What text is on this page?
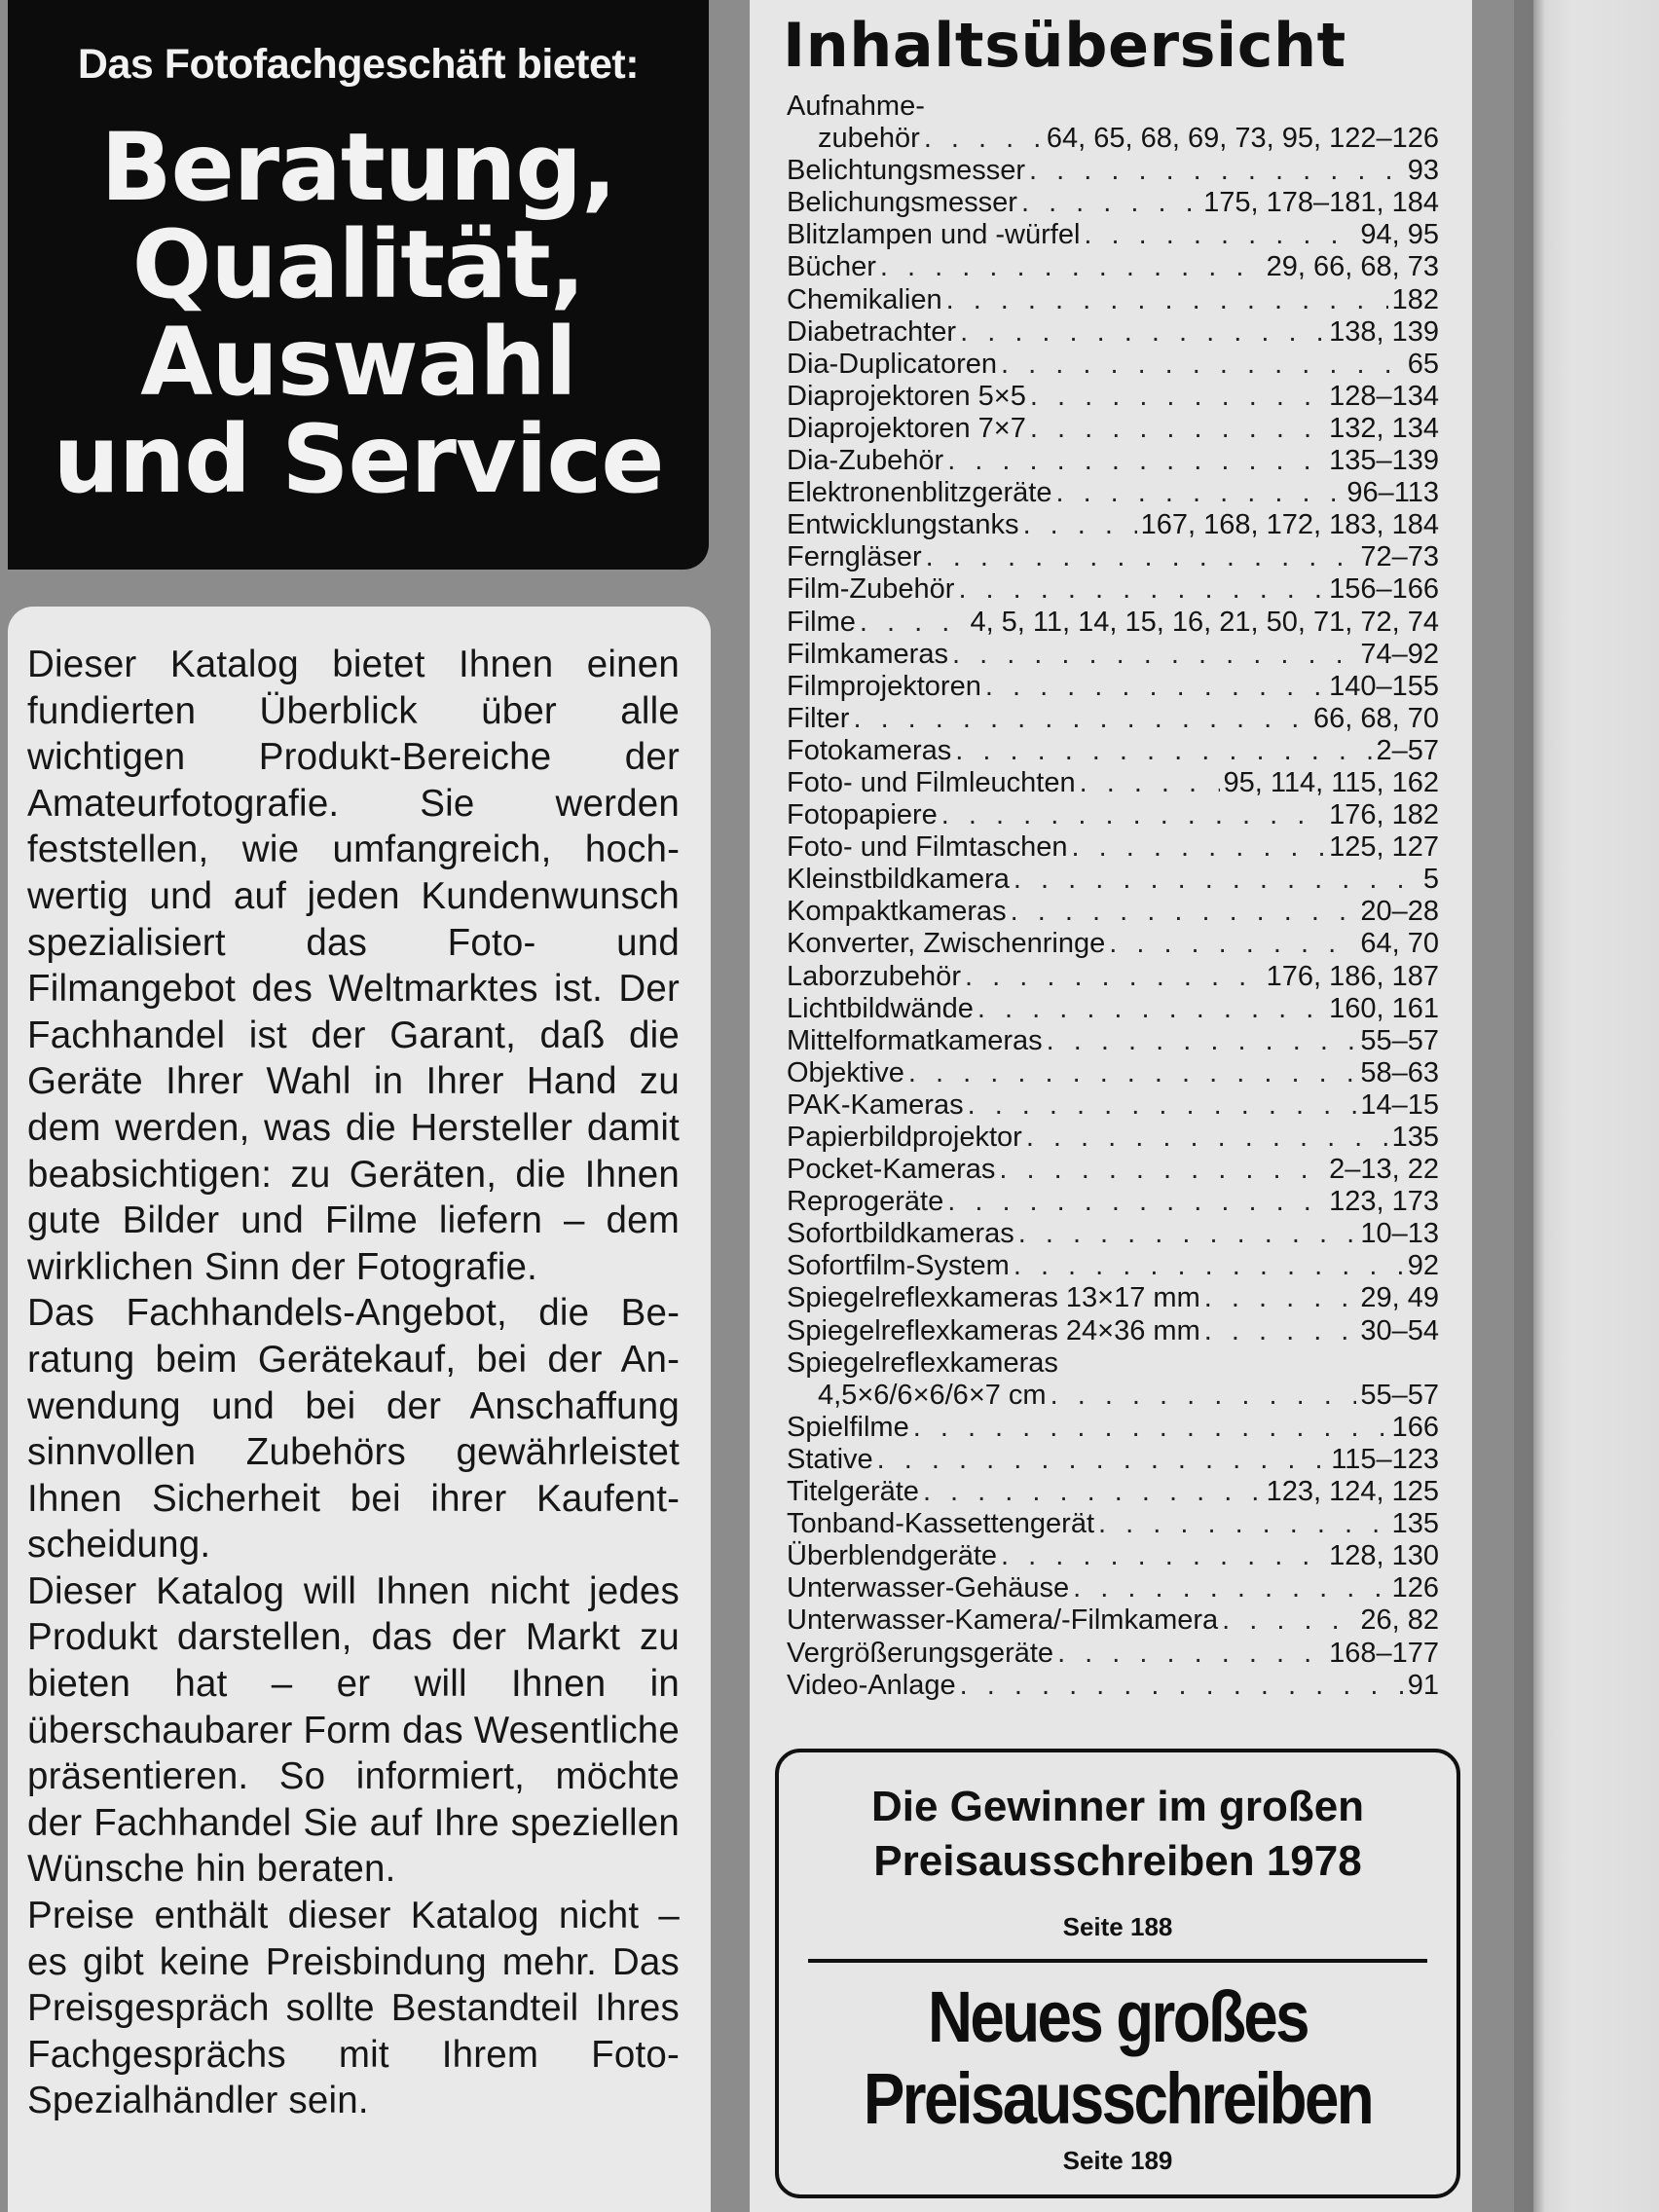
Das Fotofachgeschäft bietet:
Beratung,
Qualität,
Auswahl
und Service

Dieser Katalog bietet Ihnen einen fundierten Überblick über alle wichtigen Produkt-Bereiche der Amateurfotografie. Sie werden feststellen, wie umfangreich, hochwertig und auf jeden Kundenwunsch spezialisiert das Foto- und Filmangebot des Weltmarktes ist. Der Fachhandel ist der Garant, daß die Geräte Ihrer Wahl in Ihrer Hand zu dem werden, was die Hersteller damit beabsichtigen: zu Geräten, die Ihnen gute Bilder und Filme liefern – dem wirklichen Sinn der Fotografie.

Das Fachhandels-Angebot, die Beratung beim Gerätekauf, bei der Anwendung und bei der Anschaffung sinnvollen Zubehörs gewährleistet Ihnen Sicherheit bei ihrer Kaufentscheidung.

Dieser Katalog will Ihnen nicht jedes Produkt darstellen, das der Markt zu bieten hat – er will Ihnen in überschaubarer Form das Wesentliche präsentieren. So informiert, möchte der Fachhandel Sie auf Ihre speziellen Wünsche hin beraten.

Preise enthält dieser Katalog nicht – es gibt keine Preisbindung mehr. Das Preisgespräch sollte Bestandteil Ihres Fachgesprächs mit Ihrem Foto-Spezialhändler sein.

Inhaltsübersicht
Aufnahme-
zubehör . . .	64, 65, 68, 69, 73, 95, 122–126
Belichtungsmesser . . .	93
Belichungsmesser . . .	175, 178–181, 184
Blitzlampen und -würfel . . .	94, 95
Bücher . . .	29, 66, 68, 73
Chemikalien . . .	182
Diabetrachter . . .	138, 139
Dia-Duplicatoren . . .	65
Diaprojektoren 5×5 . . .	128–134
Diaprojektoren 7×7 . . .	132, 134
Dia-Zubehör . . .	135–139
Elektronenblitzgeräte . . .	96–113
Entwicklungstanks . . .	167, 168, 172, 183, 184
Ferngläser . . .	72–73
Film-Zubehör . . .	156–166
Filme . . .	4, 5, 11, 14, 15, 16, 21, 50, 71, 72, 74
Filmkameras . . .	74–92
Filmprojektoren . . .	140–155
Filter . . .	66, 68, 70
Fotokameras . . .	2–57
Foto- und Filmleuchten . . .	95, 114, 115, 162
Fotopapiere . . .	176, 182
Foto- und Filmtaschen . . .	125, 127
Kleinstbildkamera . . .	5
Kompaktkameras . . .	20–28
Konverter, Zwischenringe . . .	64, 70
Laborzubehör . . .	176, 186, 187
Lichtbildwände . . .	160, 161
Mittelformatkameras . . .	55–57
Objektive . . .	58–63
PAK-Kameras . . .	14–15
Papierbildprojektor . . .	135
Pocket-Kameras . . .	2–13, 22
Reprogeräte . . .	123, 173
Sofortbildkameras . . .	10–13
Sofortfilm-System . . .	92
Spiegelreflexkameras 13×17 mm . . .	29, 49
Spiegelreflexkameras 24×36 mm . . .	30–54
Spiegelreflexkameras
4,5×6/6×6/6×7 cm . . .	55–57
Spielfilme . . .	166
Stative . . .	115–123
Titelgeräte . . .	123, 124, 125
Tonband-Kassettengerät . . .	135
Überblendgeräte . . .	128, 130
Unterwasser-Gehäuse . . .	126
Unterwasser-Kamera/-Filmkamera . . .	26, 82
Vergrößerungsgeräte . . .	168–177
Video-Anlage . . .	91
Die Gewinner im großen
Preisausschreiben 1978
Seite 188
Neues großes
Preisausschreiben
Seite 189
